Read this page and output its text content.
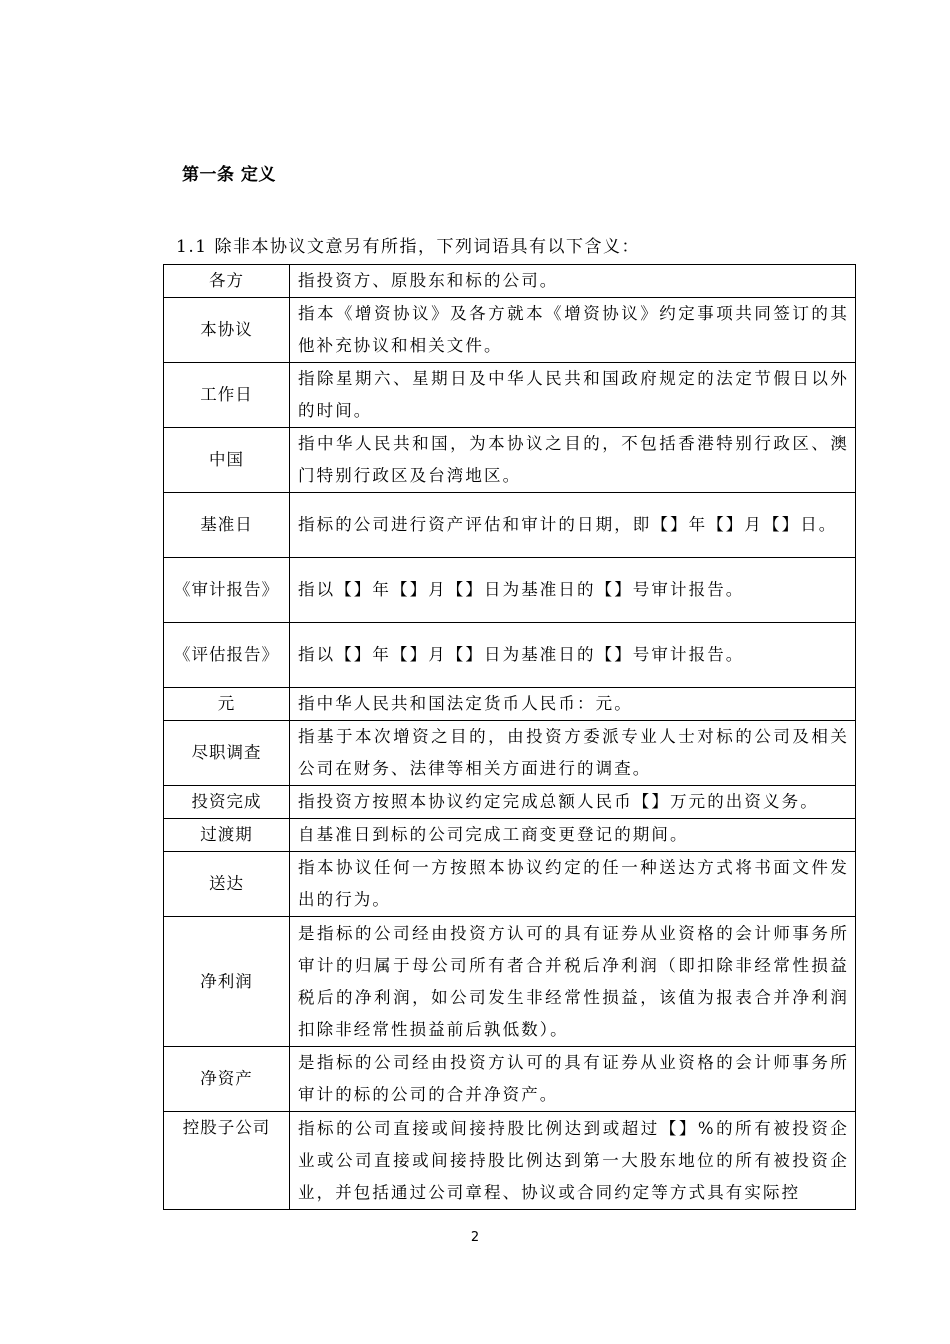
第一条 定义
1.1 除非本协议文意另有所指，下列词语具有以下含义：
各方	指投资方、原股东和标的公司。
本协议	指本《增资协议》及各方就本《增资协议》约定事项共同签订的其他补充协议和相关文件。
工作日	指除星期六、星期日及中华人民共和国政府规定的法定节假日以外的时间。
中国	指中华人民共和国，为本协议之目的，不包括香港特别行政区、澳门特别行政区及台湾地区。
基准日	指标的公司进行资产评估和审计的日期，即【】年【】月【】日。
《审计报告》	指以【】年【】月【】日为基准日的【】号审计报告。
《评估报告》	指以【】年【】月【】日为基准日的【】号审计报告。
元	指中华人民共和国法定货币人民币：元。
尽职调查	指基于本次增资之目的，由投资方委派专业人士对标的公司及相关公司在财务、法律等相关方面进行的调查。
投资完成	指投资方按照本协议约定完成总额人民币【】万元的出资义务。
过渡期	自基准日到标的公司完成工商变更登记的期间。
送达	指本协议任何一方按照本协议约定的任一种送达方式将书面文件发出的行为。
净利润	是指标的公司经由投资方认可的具有证券从业资格的会计师事务所审计的归属于母公司所有者合并税后净利润（即扣除非经常性损益税后的净利润，如公司发生非经常性损益，该值为报表合并净利润扣除非经常性损益前后孰低数）。
净资产	是指标的公司经由投资方认可的具有证券从业资格的会计师事务所审计的标的公司的合并净资产。
控股子公司	指标的公司直接或间接持股比例达到或超过【】%的所有被投资企业或公司直接或间接持股比例达到第一大股东地位的所有被投资企业，并包括通过公司章程、协议或合同约定等方式具有实际控
2
